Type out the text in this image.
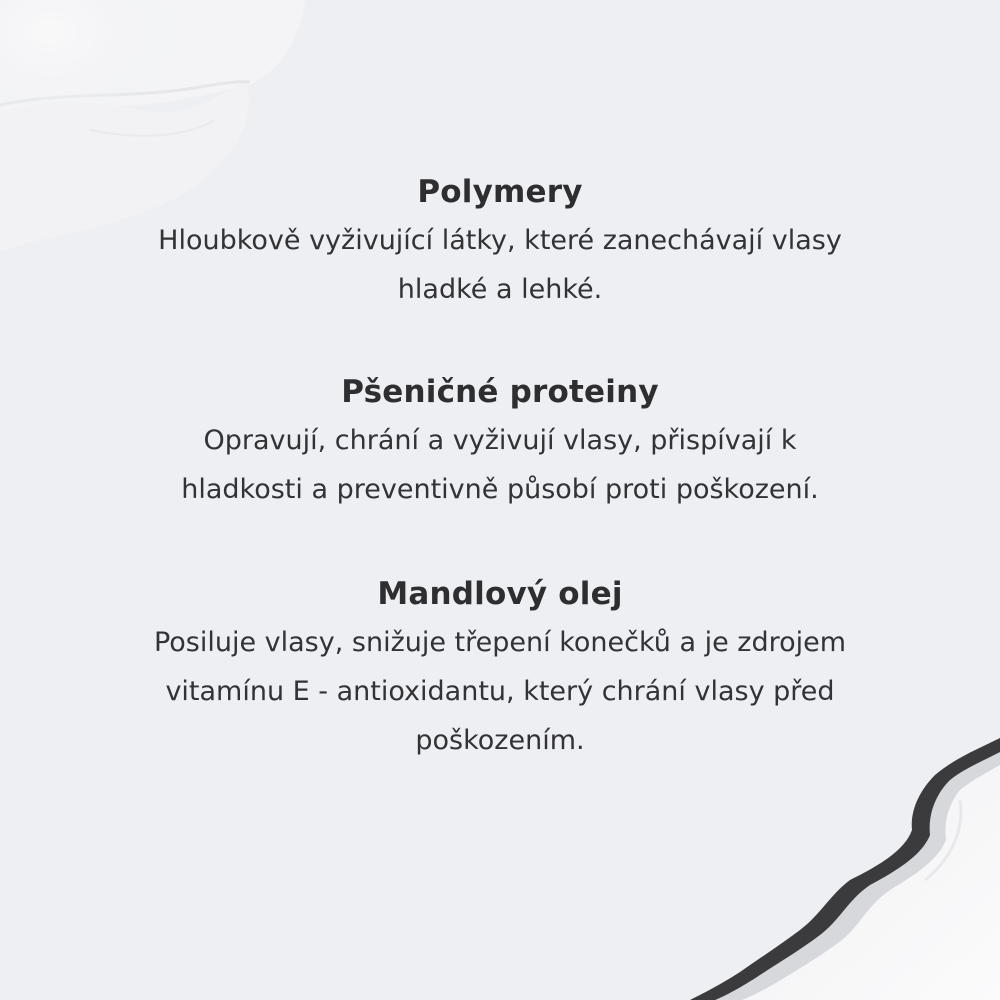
Polymery
Hloubkově vyživující látky, které zanechávají vlasy
hladké a lehké.
Pšeničné proteiny
Opravují, chrání a vyživují vlasy, přispívají k
hladkosti a preventivně působí proti poškození.
Mandlový olej
Posiluje vlasy, snižuje třepení konečků a je zdrojem
vitamínu E - antioxidantu, který chrání vlasy před
poškozením.
